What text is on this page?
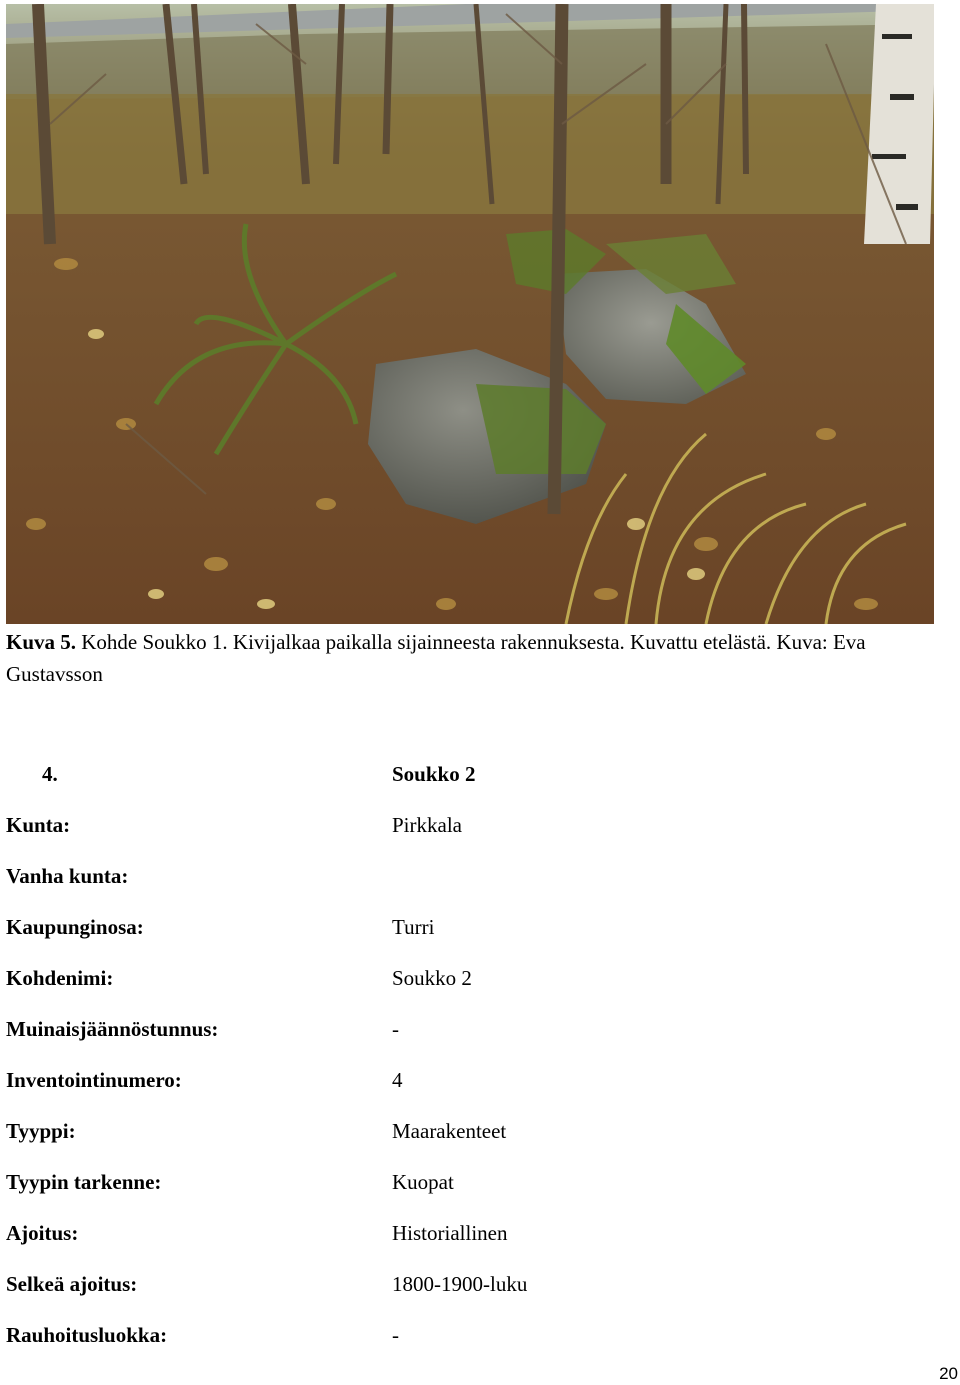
Kuva 5. Kohde Soukko 1. Kivijalkaa paikalla sijainneesta rakennuksesta. Kuvattu etelästä. Kuva: Eva Gustavsson
4.	Soukko 2
Kunta:	Pirkkala
Vanha kunta:
Kaupunginosa:	Turri
Kohdenimi:	Soukko 2
Muinaisjäännöstunnus:	-
Inventointinumero:	4
Tyyppi:	Maarakenteet
Tyypin tarkenne:	Kuopat
Ajoitus:	Historiallinen
Selkeä ajoitus:	1800-1900-luku
Rauhoitusluokka:	-
20
